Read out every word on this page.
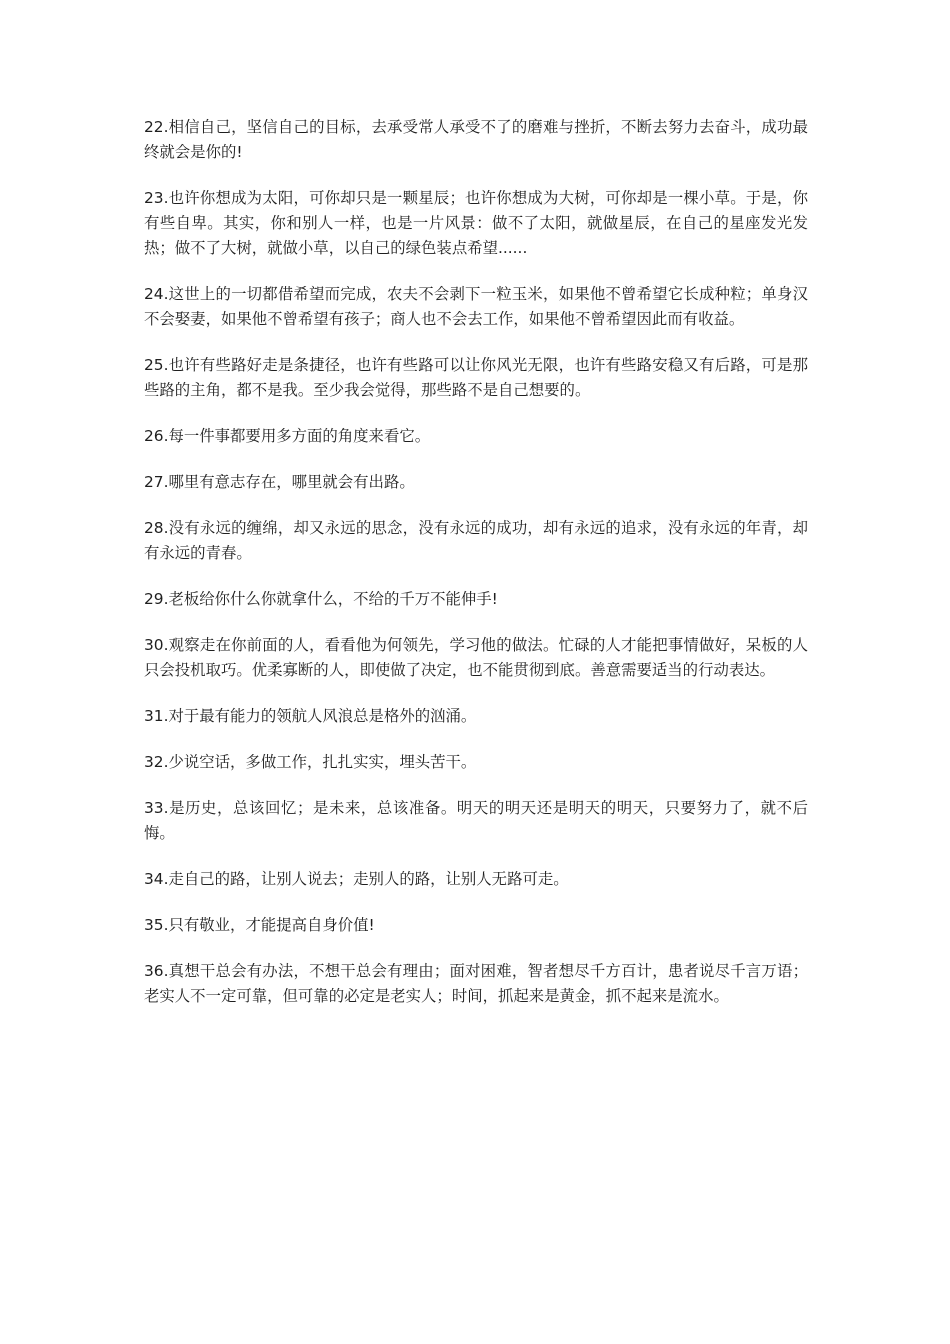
22.相信自己，坚信自己的目标，去承受常人承受不了的磨难与挫折，不断去努力去奋斗，成功最终就会是你的!

23.也许你想成为太阳，可你却只是一颗星辰；也许你想成为大树，可你却是一棵小草。于是，你有些自卑。其实，你和别人一样，也是一片风景：做不了太阳，就做星辰，在自己的星座发光发热；做不了大树，就做小草，以自己的绿色装点希望......

24.这世上的一切都借希望而完成，农夫不会剥下一粒玉米，如果他不曾希望它长成种粒；单身汉不会娶妻，如果他不曾希望有孩子；商人也不会去工作，如果他不曾希望因此而有收益。

25.也许有些路好走是条捷径，也许有些路可以让你风光无限，也许有些路安稳又有后路，可是那些路的主角，都不是我。至少我会觉得，那些路不是自己想要的。

26.每一件事都要用多方面的角度来看它。

27.哪里有意志存在，哪里就会有出路。

28.没有永远的缠绵，却又永远的思念，没有永远的成功，却有永远的追求，没有永远的年青，却有永远的青春。

29.老板给你什么你就拿什么，不给的千万不能伸手!

30.观察走在你前面的人，看看他为何领先，学习他的做法。忙碌的人才能把事情做好，呆板的人只会投机取巧。优柔寡断的人，即使做了决定，也不能贯彻到底。善意需要适当的行动表达。

31.对于最有能力的领航人风浪总是格外的汹涌。

32.少说空话，多做工作，扎扎实实，埋头苦干。

33.是历史，总该回忆；是未来，总该准备。明天的明天还是明天的明天，只要努力了，就不后悔。

34.走自己的路，让别人说去；走别人的路，让别人无路可走。

35.只有敬业，才能提高自身价值!

36.真想干总会有办法，不想干总会有理由；面对困难，智者想尽千方百计，患者说尽千言万语；老实人不一定可靠，但可靠的必定是老实人；时间，抓起来是黄金，抓不起来是流水。
